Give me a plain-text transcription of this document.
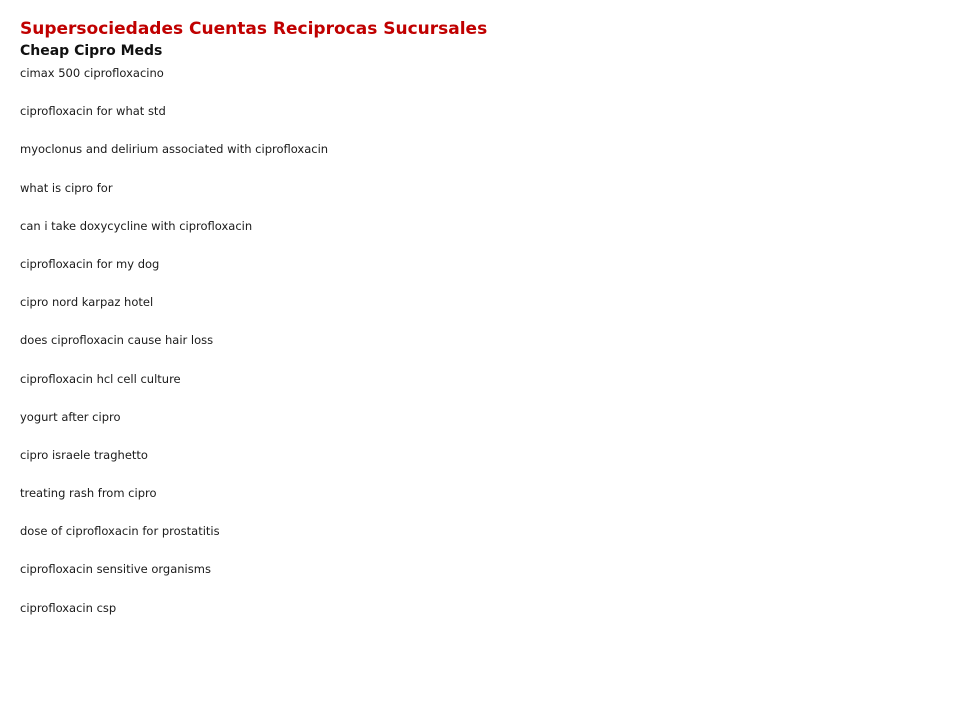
Supersociedades Cuentas Reciprocas Sucursales
Cheap Cipro Meds
cimax 500 ciprofloxacino
ciprofloxacin for what std
myoclonus and delirium associated with ciprofloxacin
what is cipro for
can i take doxycycline with ciprofloxacin
ciprofloxacin for my dog
cipro nord karpaz hotel
does ciprofloxacin cause hair loss
ciprofloxacin hcl cell culture
yogurt after cipro
cipro israele traghetto
treating rash from cipro
dose of ciprofloxacin for prostatitis
ciprofloxacin sensitive organisms
ciprofloxacin csp
